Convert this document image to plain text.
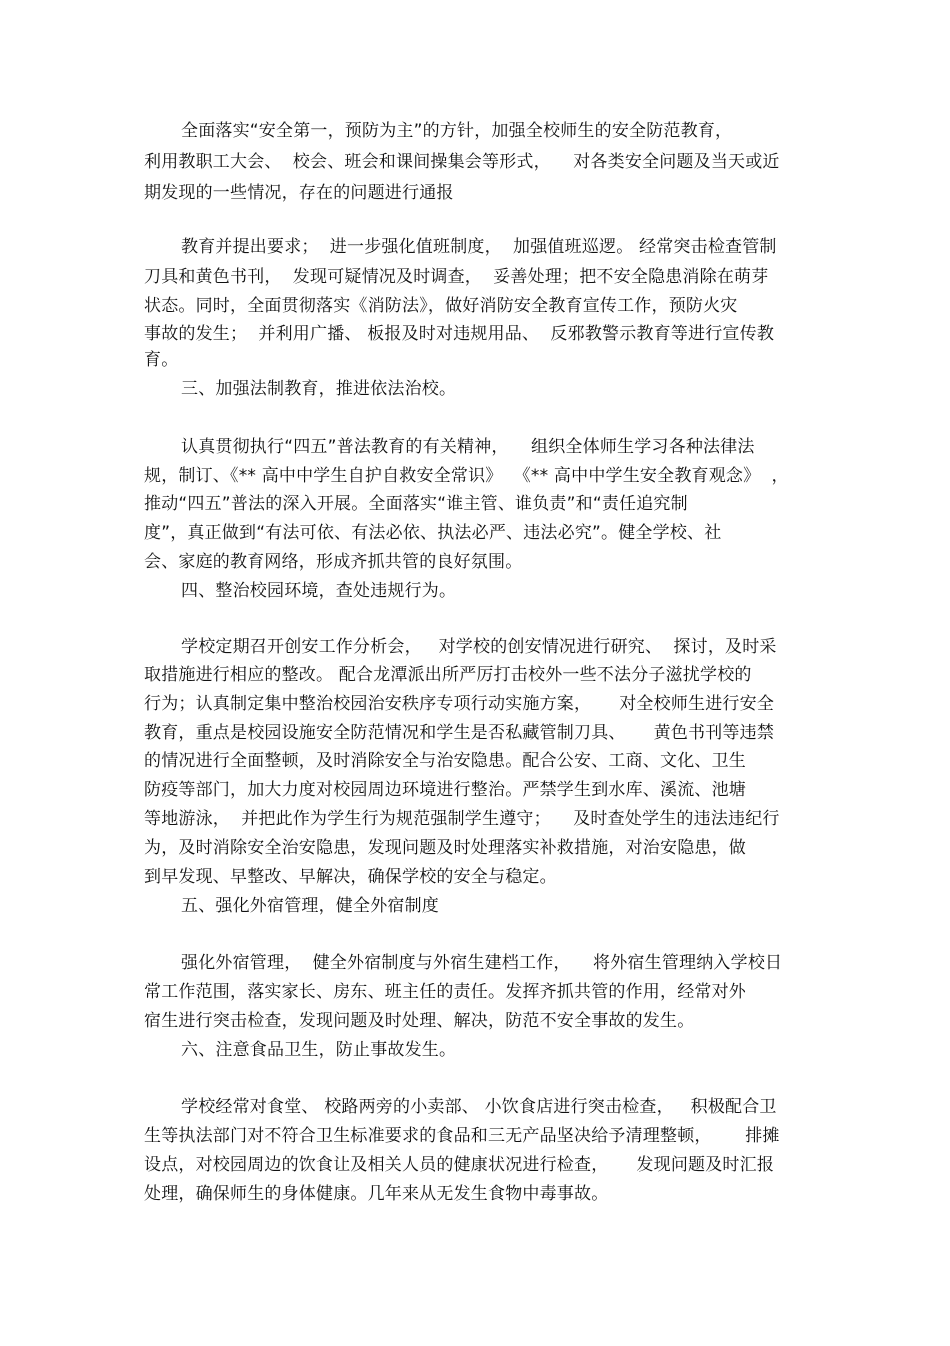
全面落实“安全第一，预防为主”的方针，加强全校师生的安全防范教育，
利用教职工大会、  校会、班会和课间操集会等形式，    对各类安全问题及当天或近
期发现的一些情况，存在的问题进行通报
教育并提出要求；  进一步强化值班制度，  加强值班巡逻。 经常突击检查管制
刀具和黄色书刊，  发现可疑情况及时调查，  妥善处理；把不安全隐患消除在萌芽
状态。同时，全面贯彻落实《消防法》，做好消防安全教育宣传工作，预防火灾
事故的发生；  并利用广播、 板报及时对违规用品、  反邪教警示教育等进行宣传教
育。
三、加强法制教育，推进依法治校。
认真贯彻执行“四五”普法教育的有关精神，    组织全体师生学习各种法律法
规，制订、《** 高中中学生自护自救安全常识》  《** 高中中学生安全教育观念》  ，
推动“四五”普法的深入开展。全面落实“谁主管、谁负责”和“责任追究制
度”，真正做到“有法可依、有法必依、执法必严、违法必究”。健全学校、社
会、家庭的教育网络，形成齐抓共管的良好氛围。
四、整治校园环境，查处违规行为。
学校定期召开创安工作分析会，   对学校的创安情况进行研究、  探讨，及时采
取措施进行相应的整改。 配合龙潭派出所严厉打击校外一些不法分子滋扰学校的
行为；认真制定集中整治校园治安秩序专项行动实施方案，     对全校师生进行安全
教育，重点是校园设施安全防范情况和学生是否私藏管制刀具、     黄色书刊等违禁
的情况进行全面整顿，及时消除安全与治安隐患。配合公安、工商、文化、卫生
防疫等部门，加大力度对校园周边环境进行整治。严禁学生到水库、溪流、池塘
等地游泳，  并把此作为学生行为规范强制学生遵守；    及时查处学生的违法违纪行
为，及时消除安全治安隐患，发现问题及时处理落实补救措施，对治安隐患，做
到早发现、早整改、早解决，确保学校的安全与稳定。
五、强化外宿管理，健全外宿制度
强化外宿管理，  健全外宿制度与外宿生建档工作，    将外宿生管理纳入学校日
常工作范围，落实家长、房东、班主任的责任。发挥齐抓共管的作用，经常对外
宿生进行突击检查，发现问题及时处理、解决，防范不安全事故的发生。
六、注意食品卫生，防止事故发生。
学校经常对食堂、 校路两旁的小卖部、 小饮食店进行突击检查，   积极配合卫
生等执法部门对不符合卫生标准要求的食品和三无产品坚决给予清理整顿，      排摊
设点，对校园周边的饮食让及相关人员的健康状况进行检查，     发现问题及时汇报
处理，确保师生的身体健康。几年来从无发生食物中毒事故。
